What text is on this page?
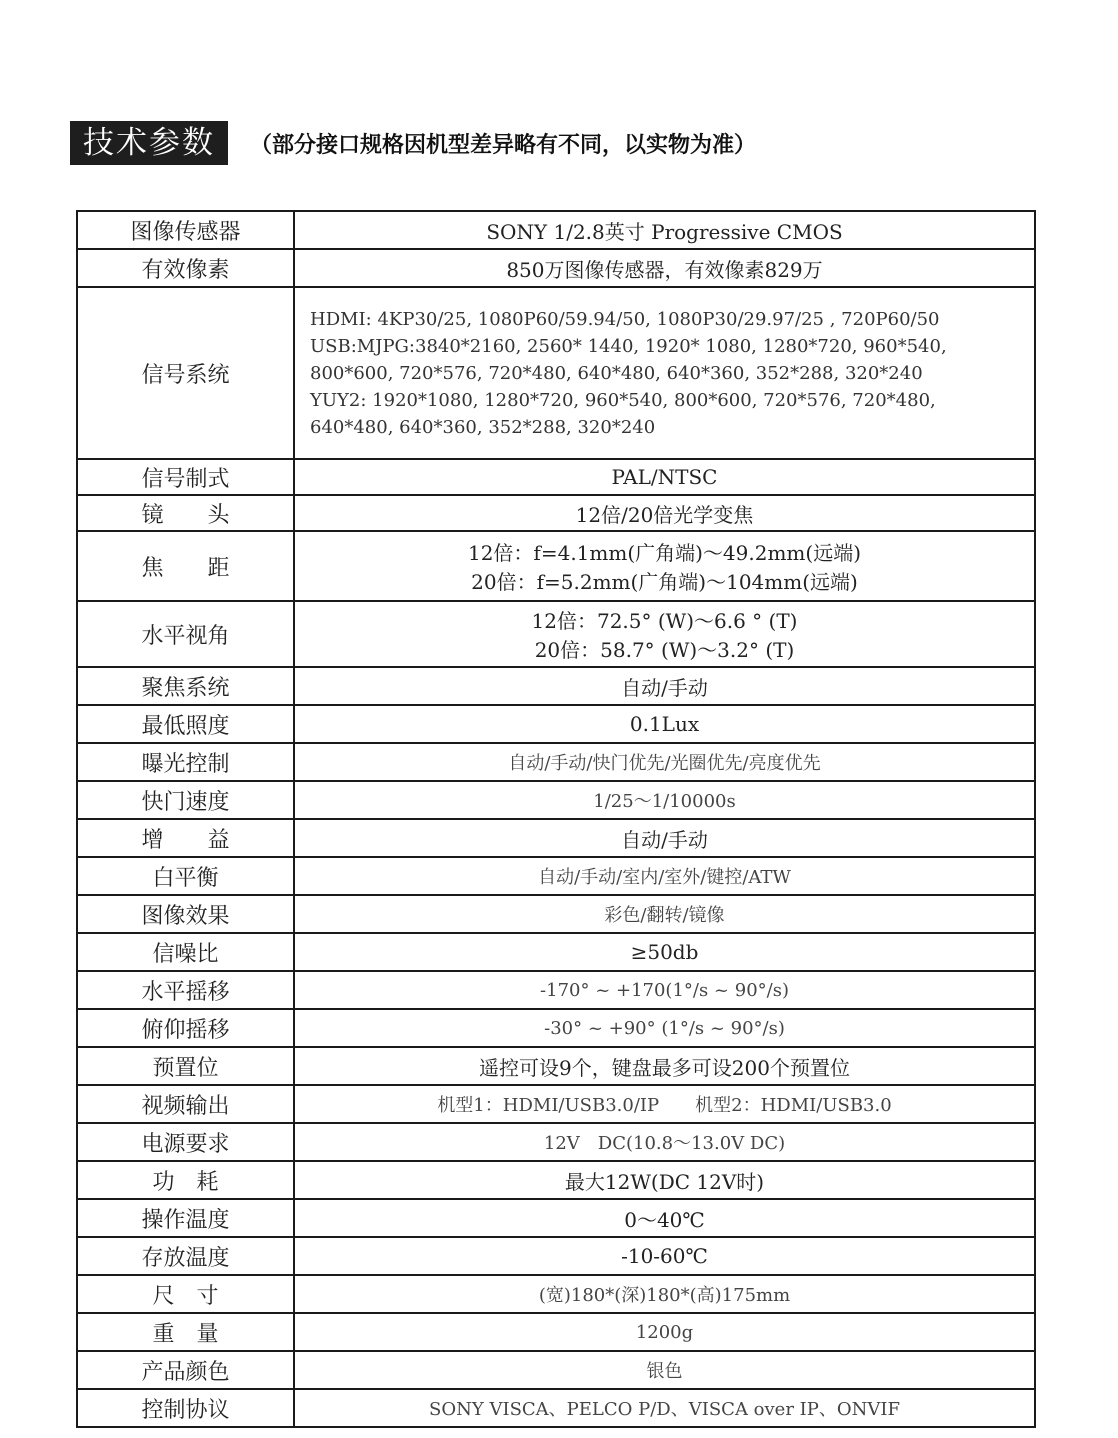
技术参数	（部分接口规格因机型差异略有不同，以实物为准）
图像传感器	SONY 1/2.8英寸 Progressive CMOS

有效像素	850万图像传感器，有效像素829万

信号系统	HDMI: 4KP30/25, 1080P60/59.94/50, 1080P30/29.97/25 , 720P60/50
USB:MJPG:3840*2160, 2560* 1440, 1920* 1080, 1280*720, 960*540,
800*600, 720*576, 720*480, 640*480, 640*360, 352*288, 320*240
YUY2: 1920*1080, 1280*720, 960*540, 800*600, 720*576, 720*480,
640*480, 640*360, 352*288, 320*240

信号制式	PAL/NTSC

镜　　头	12倍/20倍光学变焦

焦　　距	12倍：f=4.1mm(广角端)～49.2mm(远端)
20倍：f=5.2mm(广角端)～104mm(远端)

水平视角	12倍：72.5° (W)～6.6 ° (T)
20倍：58.7° (W)～3.2° (T)

聚焦系统	自动/手动

最低照度	0.1Lux

曝光控制	自动/手动/快门优先/光圈优先/亮度优先

快门速度	1/25～1/10000s

增　　益	自动/手动

白平衡	自动/手动/室内/室外/键控/ATW

图像效果	彩色/翻转/镜像

信噪比	≥50db

水平摇移	-170° ~ +170(1°/s ~ 90°/s)

俯仰摇移	-30° ~ +90° (1°/s ~ 90°/s)

预置位	遥控可设9个，键盘最多可设200个预置位

视频输出	机型1：HDMI/USB3.0/IP　　机型2：HDMI/USB3.0

电源要求	12V　DC(10.8～13.0V DC)

功　耗	最大12W(DC 12V时)

操作温度	0～40℃

存放温度	-10-60℃

尺　寸	(宽)180*(深)180*(高)175mm

重　量	1200g

产品颜色	银色

控制协议	SONY VISCA、PELCO P/D、VISCA over IP、ONVIF
